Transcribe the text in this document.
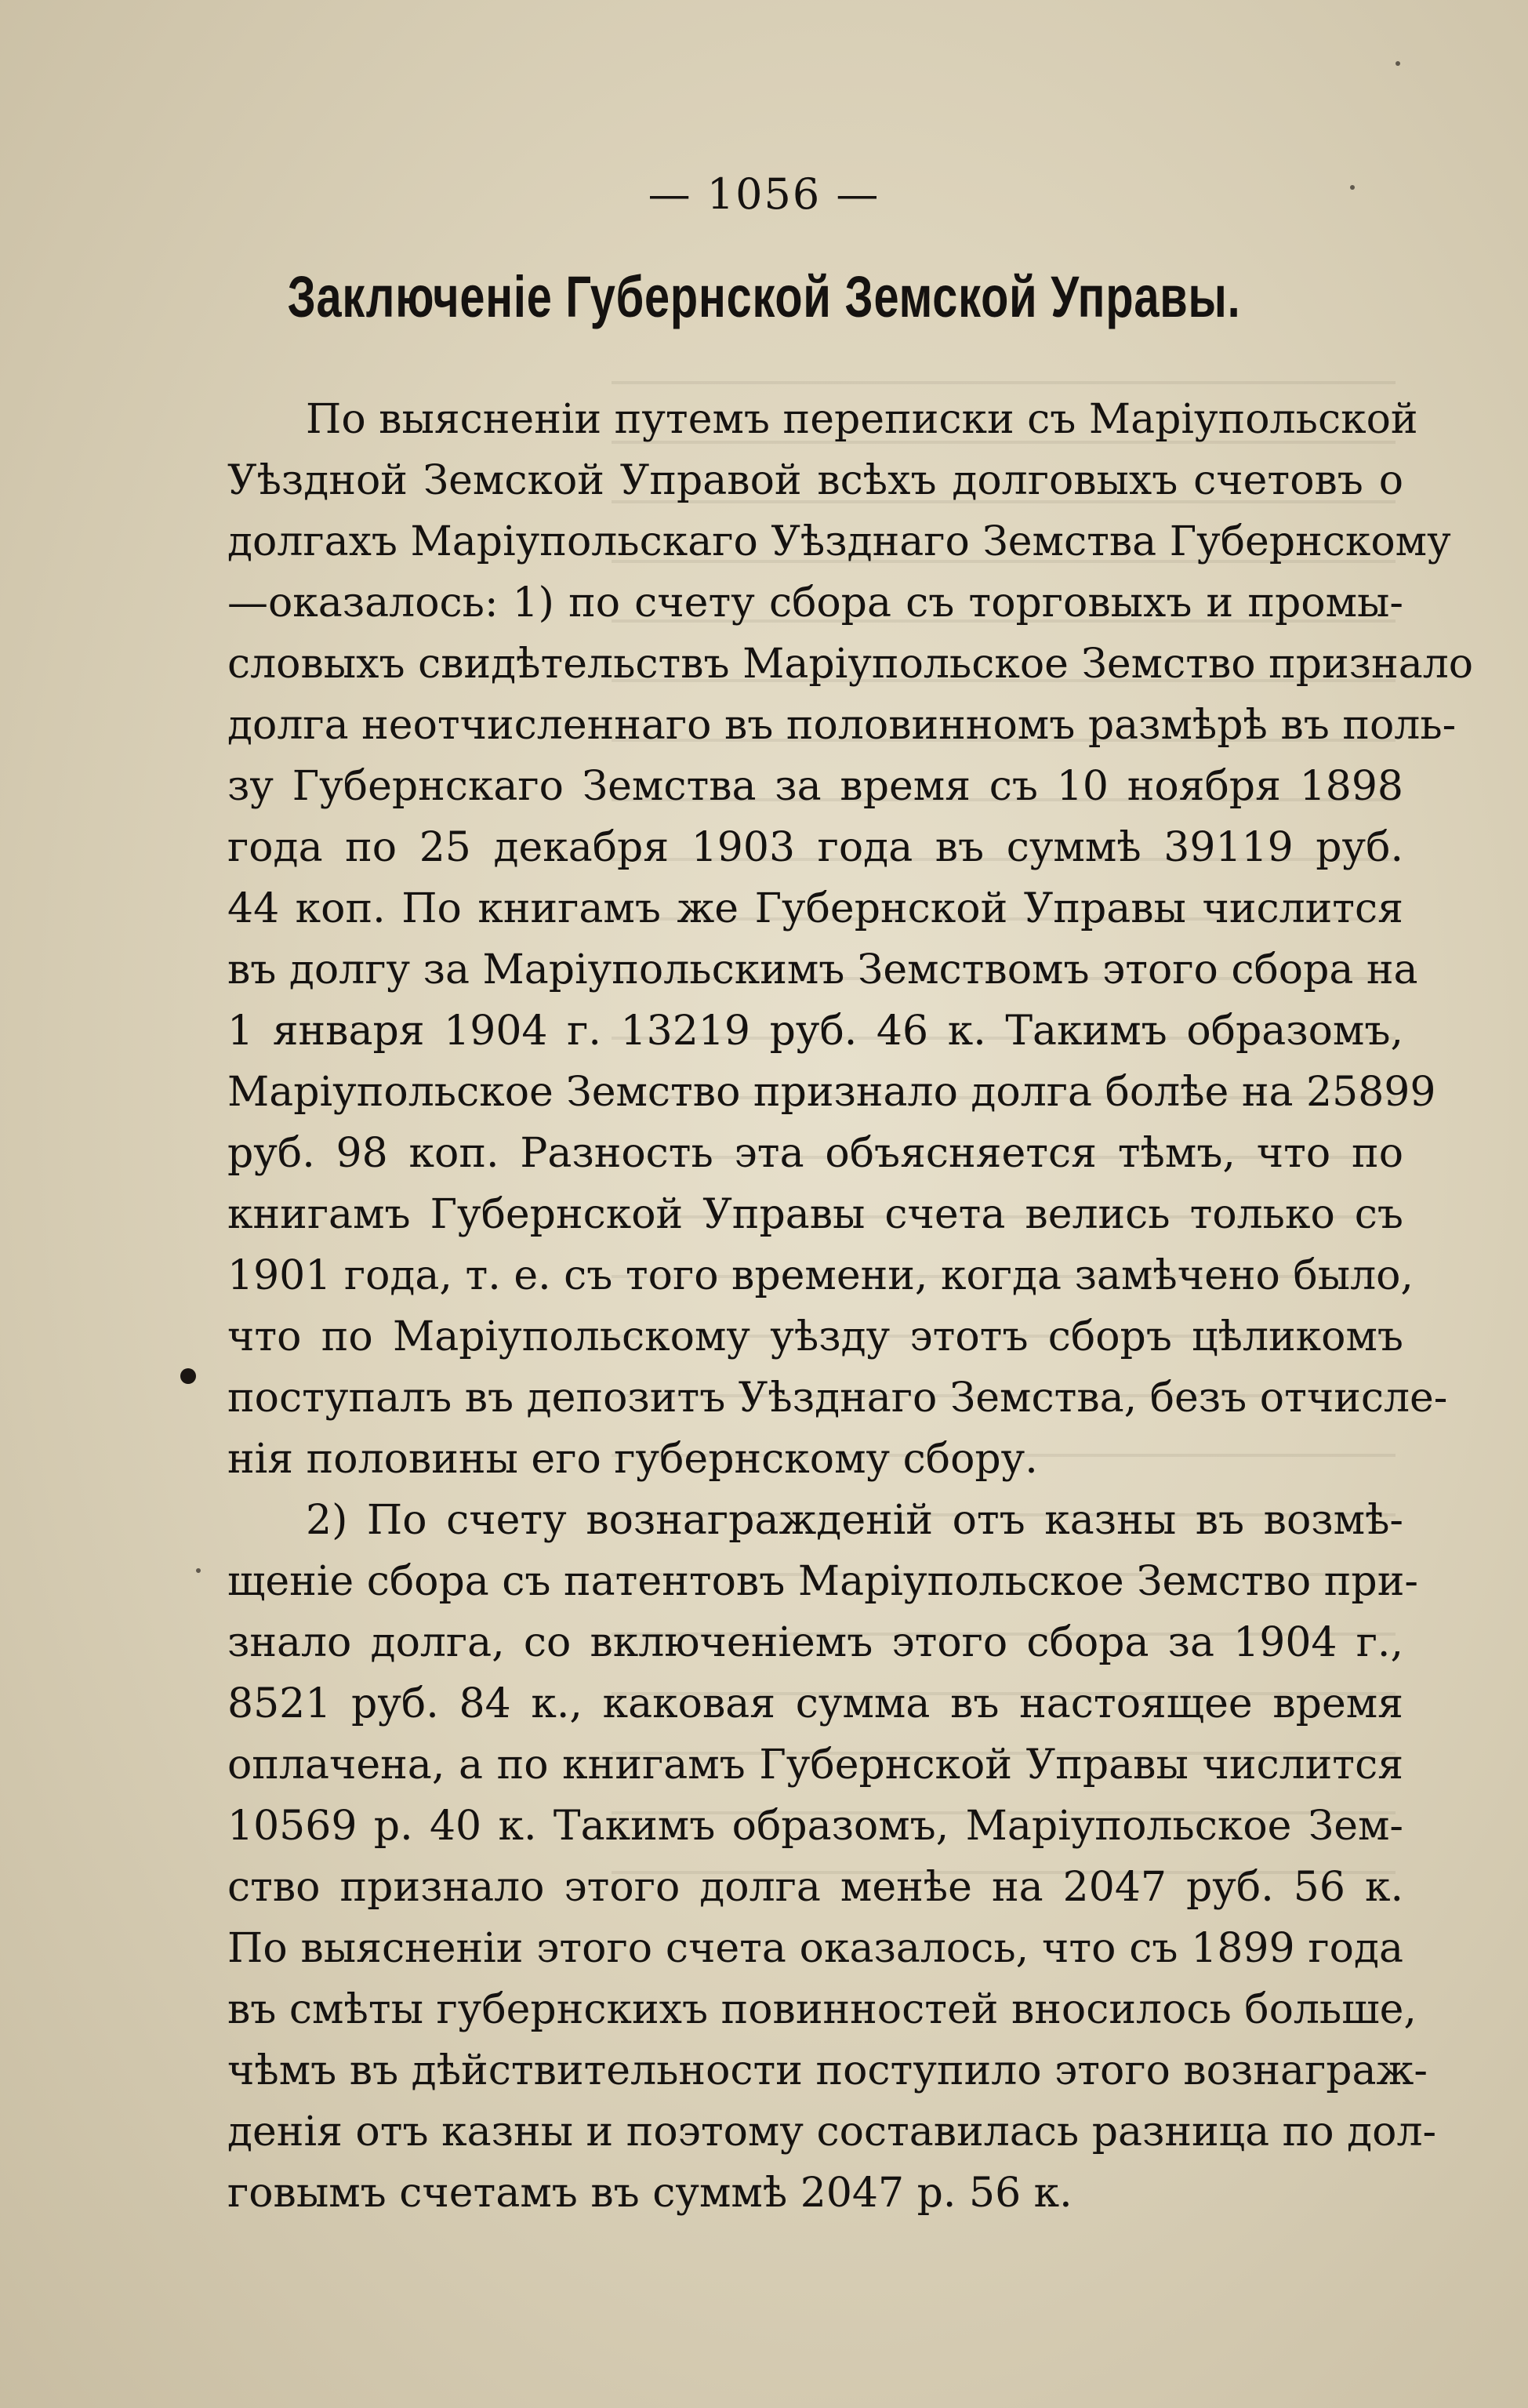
— 1056 —
Заключеніе Губернской Земской Управы.
По выясненіи путемъ переписки съ Маріупольской
Уѣздной Земской Управой всѣхъ долговыхъ счетовъ о
долгахъ Маріупольскаго Уѣзднаго Земства Губернскому
—оказалось: 1) по счету сбора съ торговыхъ и промы-
словыхъ свидѣтельствъ Маріупольское Земство признало
долга неотчисленнаго въ половинномъ размѣрѣ въ поль-
зу Губернскаго Земства за время съ 10 ноября 1898
года по 25 декабря 1903 года въ суммѣ 39119 руб.
44 коп. По книгамъ же Губернской Управы числится
въ долгу за Маріупольскимъ Земствомъ этого сбора на
1 января 1904 г. 13219 руб. 46 к. Такимъ образомъ,
Маріупольское Земство признало долга болѣе на 25899
руб. 98 коп. Разность эта объясняется тѣмъ, что по
книгамъ Губернской Управы счета велись только съ
1901 года, т. е. съ того времени, когда замѣчено было,
что по Маріупольскому уѣзду этотъ сборъ цѣликомъ
поступалъ въ депозитъ Уѣзднаго Земства, безъ отчисле-
нія половины его губернскому сбору.
2) По счету вознагражденій отъ казны въ возмѣ-
щеніе сбора съ патентовъ Маріупольское Земство при-
знало долга, со включеніемъ этого сбора за 1904 г.,
8521 руб. 84 к., каковая сумма въ настоящее время
оплачена, а по книгамъ Губернской Управы числится
10569 р. 40 к. Такимъ образомъ, Маріупольское Зем-
ство признало этого долга менѣе на 2047 руб. 56 к.
По выясненіи этого счета оказалось, что съ 1899 года
въ смѣты губернскихъ повинностей вносилось больше,
чѣмъ въ дѣйствительности поступило этого вознаграж-
денія отъ казны и поэтому составилась разница по дол-
говымъ счетамъ въ суммѣ 2047 р. 56 к.
